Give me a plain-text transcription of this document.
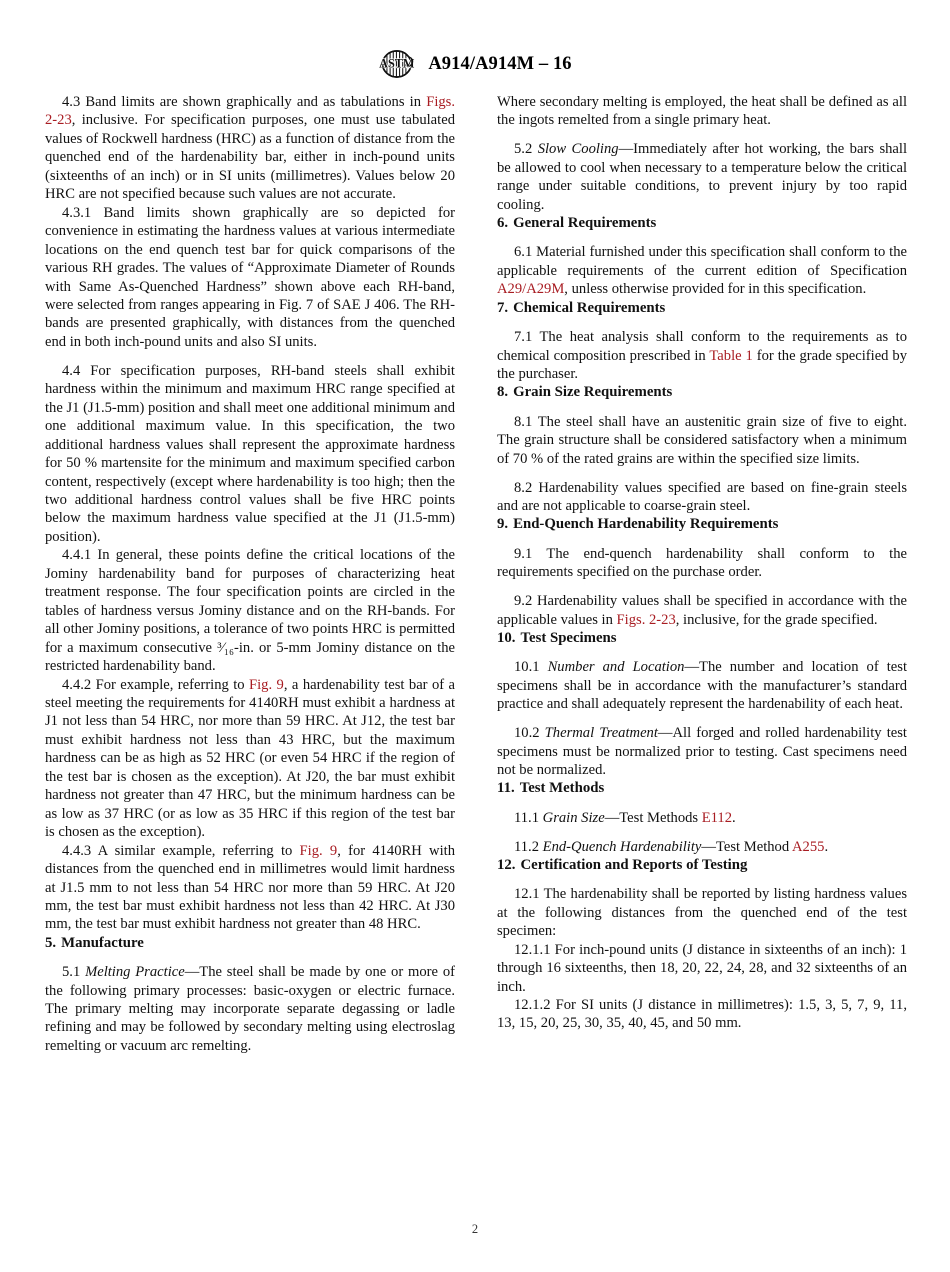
ASTM A914/A914M – 16

4.3 Band limits are shown graphically and as tabulations in Figs. 2-23, inclusive. For specification purposes, one must use tabulated values of Rockwell hardness (HRC) as a function of distance from the quenched end of the hardenability bar, either in inch-pound units (sixteenths of an inch) or in SI units (millimetres). Values below 20 HRC are not specified because such values are not accurate.

4.3.1 Band limits shown graphically are so depicted for convenience in estimating the hardness values at various intermediate locations on the end quench test bar for quick comparisons of the various RH grades. The values of “Approximate Diameter of Rounds with Same As-Quenched Hardness” shown above each RH-band, were selected from ranges appearing in Fig. 7 of SAE J 406. The RH-bands are presented graphically, with distances from the quenched end in both inch-pound units and also SI units.

4.4 For specification purposes, RH-band steels shall exhibit hardness within the minimum and maximum HRC range specified at the J1 (J1.5-mm) position and shall meet one additional minimum and one additional maximum value. In this specification, the two additional hardness values shall represent the approximate hardness for 50 % martensite for the minimum and maximum specified carbon content, respectively (except where hardenability is too high; then the two additional hardness control values shall be five HRC points below the maximum hardness value specified at the J1 (J1.5-mm) position).

4.4.1 In general, these points define the critical locations of the Jominy hardenability band for purposes of characterizing heat treatment response. The four specification points are circled in the tables of hardness versus Jominy distance and on the RH-bands. For all other Jominy positions, a tolerance of two points HRC is permitted for a maximum consecutive ³⁄₁₆-in. or 5-mm Jominy distance on the restricted hardenability band.

4.4.2 For example, referring to Fig. 9, a hardenability test bar of a steel meeting the requirements for 4140RH must exhibit a hardness at J1 not less than 54 HRC, nor more than 59 HRC. At J12, the test bar must exhibit hardness not less than 43 HRC, but the maximum hardness can be as high as 52 HRC (or even 54 HRC if the region of the test bar is chosen as the exception). At J20, the bar must exhibit hardness not greater than 47 HRC, but the minimum hardness can be as low as 37 HRC (or as low as 35 HRC if this region of the test bar is chosen as the exception).

4.4.3 A similar example, referring to Fig. 9, for 4140RH with distances from the quenched end in millimetres would limit hardness at J1.5 mm to not less than 54 HRC nor more than 59 HRC. At J20 mm, the test bar must exhibit hardness not less than 42 HRC. At J30 mm, the test bar must exhibit hardness not greater than 48 HRC.

5. Manufacture

5.1 Melting Practice—The steel shall be made by one or more of the following primary processes: basic-oxygen or electric furnace. The primary melting may incorporate separate degassing or ladle refining and may be followed by secondary melting using electroslag remelting or vacuum arc remelting.

Where secondary melting is employed, the heat shall be defined as all the ingots remelted from a single primary heat.

5.2 Slow Cooling—Immediately after hot working, the bars shall be allowed to cool when necessary to a temperature below the critical range under suitable conditions, to prevent injury by too rapid cooling.

6. General Requirements

6.1 Material furnished under this specification shall conform to the applicable requirements of the current edition of Specification A29/A29M, unless otherwise provided for in this specification.

7. Chemical Requirements

7.1 The heat analysis shall conform to the requirements as to chemical composition prescribed in Table 1 for the grade specified by the purchaser.

8. Grain Size Requirements

8.1 The steel shall have an austenitic grain size of five to eight. The grain structure shall be considered satisfactory when a minimum of 70 % of the rated grains are within the specified size limits.

8.2 Hardenability values specified are based on fine-grain steels and are not applicable to coarse-grain steel.

9. End-Quench Hardenability Requirements

9.1 The end-quench hardenability shall conform to the requirements specified on the purchase order.

9.2 Hardenability values shall be specified in accordance with the applicable values in Figs. 2-23, inclusive, for the grade specified.

10. Test Specimens

10.1 Number and Location—The number and location of test specimens shall be in accordance with the manufacturer’s standard practice and shall adequately represent the hardenability of each heat.

10.2 Thermal Treatment—All forged and rolled hardenability test specimens must be normalized prior to testing. Cast specimens need not be normalized.

11. Test Methods

11.1 Grain Size—Test Methods E112.

11.2 End-Quench Hardenability—Test Method A255.

12. Certification and Reports of Testing

12.1 The hardenability shall be reported by listing hardness values at the following distances from the quenched end of the test specimen:

12.1.1 For inch-pound units (J distance in sixteenths of an inch): 1 through 16 sixteenths, then 18, 20, 22, 24, 28, and 32 sixteenths of an inch.

12.1.2 For SI units (J distance in millimetres): 1.5, 3, 5, 7, 9, 11, 13, 15, 20, 25, 30, 35, 40, 45, and 50 mm.

2
